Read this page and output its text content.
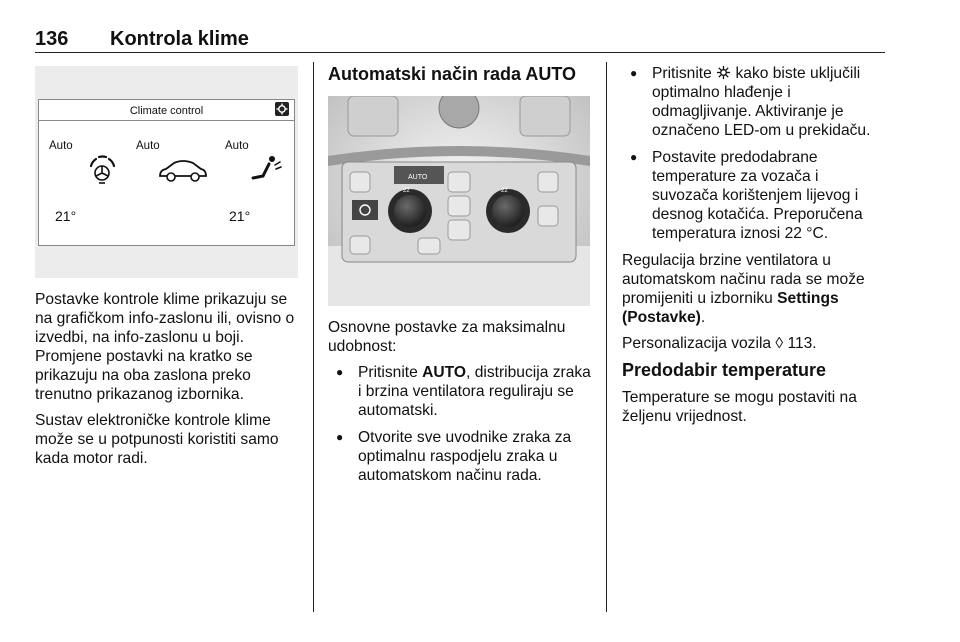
136 Kontrola klime
Climate control
Auto	Auto	Auto
21°	21°
AUTO
22	22

Postavke kontrole klime prikazuju se na grafičkom info-zaslonu ili, ovisno o izvedbi, na info-zaslonu u boji. Promjene postavki na kratko se prikazuju na oba zaslona preko trenutno prikazanog izbornika.

Sustav elektroničke kontrole klime može se u potpunosti koristiti samo kada motor radi.

Automatski način rada AUTO

Osnovne postavke za maksimalnu udobnost:

● Pritisnite AUTO, distribucija zraka i brzina ventilatora reguliraju se automatski.
● Otvorite sve uvodnike zraka za optimalnu raspodjelu zraka u automatskom načinu rada.
● Pritisnite  kako biste uključili optimalno hlađenje i odmagljivanje. Aktiviranje je označeno LED-om u prekidaču.
● Postavite predodabrane temperature za vozača i suvozača korištenjem lijevog i desnog kotačića. Preporučena temperatura iznosi 22 °C.

Regulacija brzine ventilatora u automatskom načinu rada se može promijeniti u izborniku Settings (Postavke).

Personalizacija vozila ◊ 113.

Predodabir temperature

Temperature se mogu postaviti na željenu vrijednost.
